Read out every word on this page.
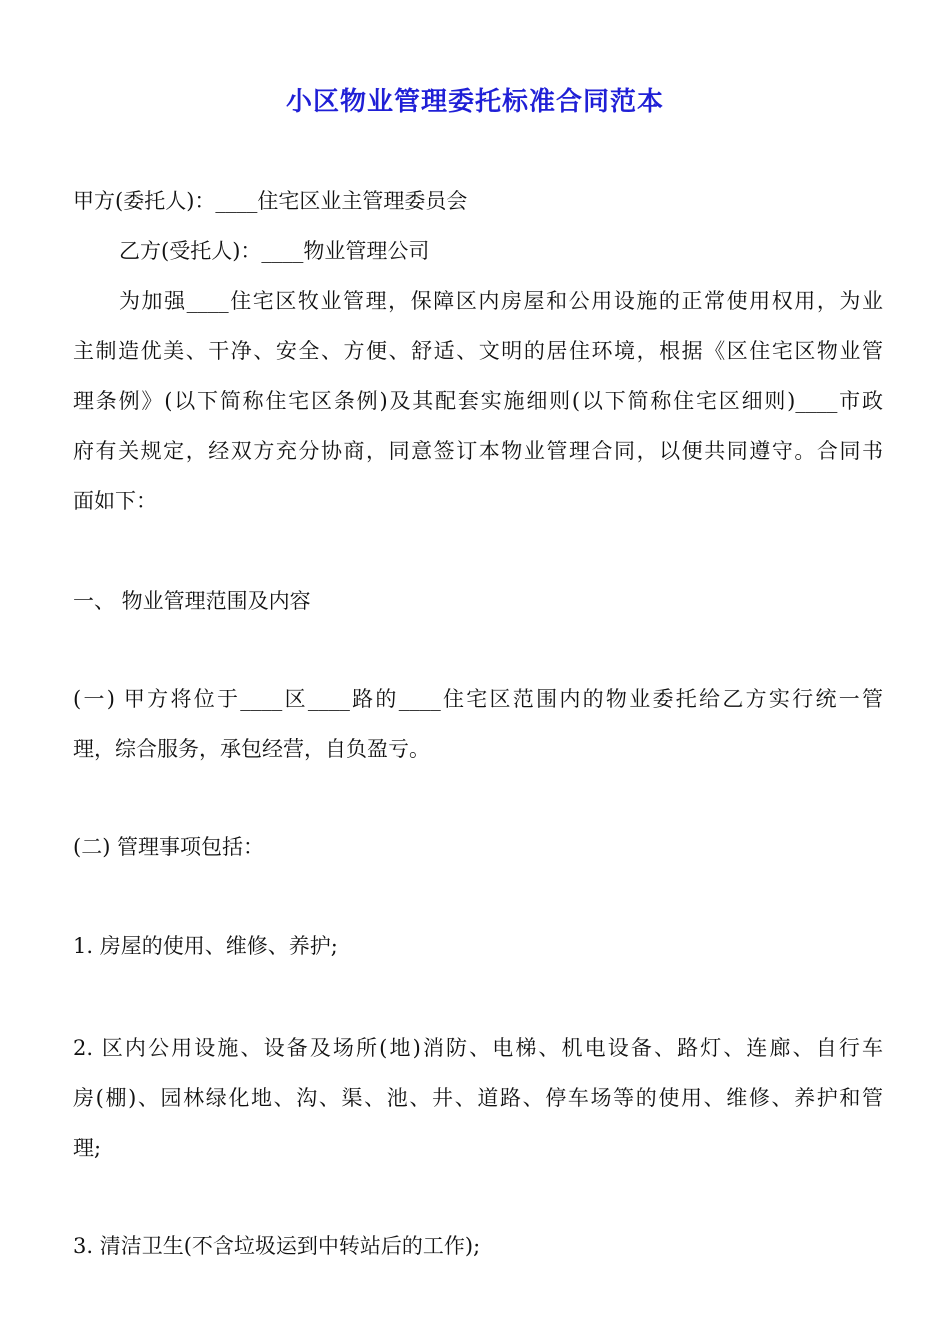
小区物业管理委托标准合同范本
甲方(委托人)：____住宅区业主管理委员会
乙方(受托人)：____物业管理公司
为加强____住宅区牧业管理，保障区内房屋和公用设施的正常使用权用，为业
主制造优美、干净、安全、方便、舒适、文明的居住环境，根据《区住宅区物业管
理条例》(以下简称住宅区条例)及其配套实施细则(以下简称住宅区细则)____市政
府有关规定，经双方充分协商，同意签订本物业管理合同，以便共同遵守。合同书
面如下：
一、 物业管理范围及内容
(一) 甲方将位于____区____路的____住宅区范围内的物业委托给乙方实行统一管
理，综合服务，承包经营，自负盈亏。
(二) 管理事项包括：
1. 房屋的使用、维修、养护;
2. 区内公用设施、设备及场所(地)消防、电梯、机电设备、路灯、连廊、自行车
房(棚)、园林绿化地、沟、渠、池、井、道路、停车场等的使用、维修、养护和管
理;
3. 清洁卫生(不含垃圾运到中转站后的工作);
